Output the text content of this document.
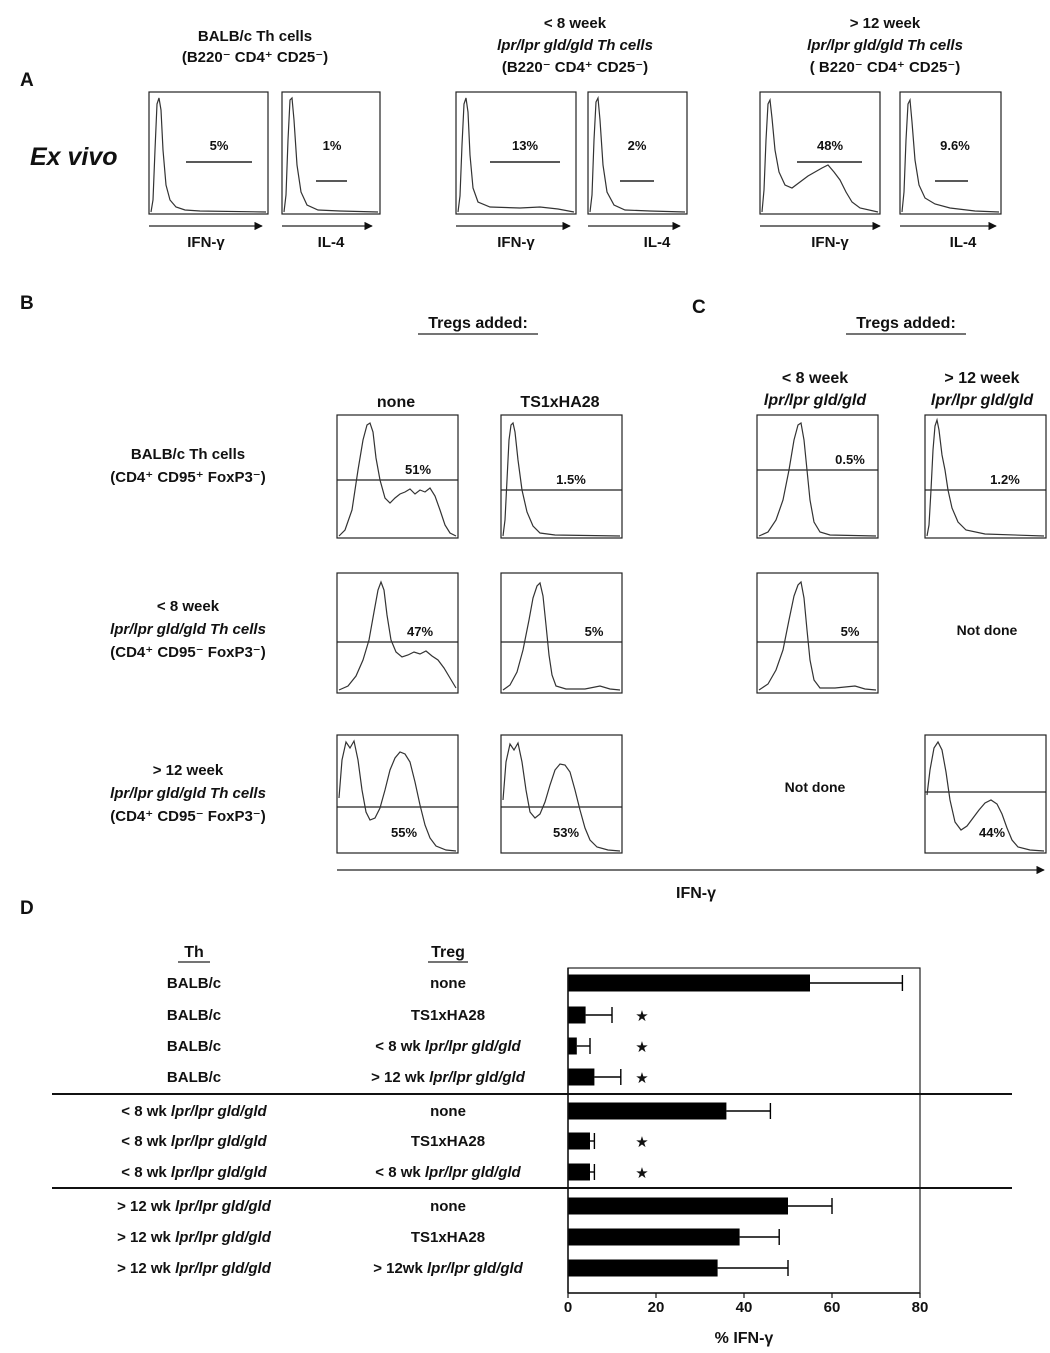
A
Ex vivo
BALB/c Th cells
(B220⁻ CD4⁺ CD25⁻)
< 8 week
lpr/lpr gld/gld Th cells
(B220⁻ CD4⁺ CD25⁻)
> 12 week
lpr/lpr gld/gld Th cells
( B220⁻ CD4⁺ CD25⁻)
5%
IFN-γ
1%
IL-4
13%
IFN-γ
2%
IL-4
48%
IFN-γ
9.6%
IL-4
B
Tregs added:
none	TS1xHA28
BALB/c Th cells
(CD4⁺ CD95⁺ FoxP3⁻)
< 8 week
lpr/lpr gld/gld Th cells
(CD4⁺ CD95⁻ FoxP3⁻)
> 12 week
lpr/lpr gld/gld Th cells
(CD4⁺ CD95⁻ FoxP3⁻)
51%
1.5%
47%	5%
55%	53%
C
Tregs added:
< 8 week
lpr/lpr gld/gld
> 12 week
lpr/lpr gld/gld
0.5%
1.2%
5%	Not done
Not done
44%
IFN-γ
D
Th	Treg
BALB/c	none
BALB/c	TS1xHA28
BALB/c	< 8 wk lpr/lpr gld/gld
BALB/c	> 12 wk lpr/lpr gld/gld
< 8 wk lpr/lpr gld/gld	none
< 8 wk lpr/lpr gld/gld	TS1xHA28
< 8 wk lpr/lpr gld/gld	< 8 wk lpr/lpr gld/gld
> 12 wk lpr/lpr gld/gld	none
> 12 wk lpr/lpr gld/gld	TS1xHA28
> 12 wk lpr/lpr gld/gld	> 12wk lpr/lpr gld/gld
★
★
★
★
★
0	20	40	60	80
% IFN-γ
